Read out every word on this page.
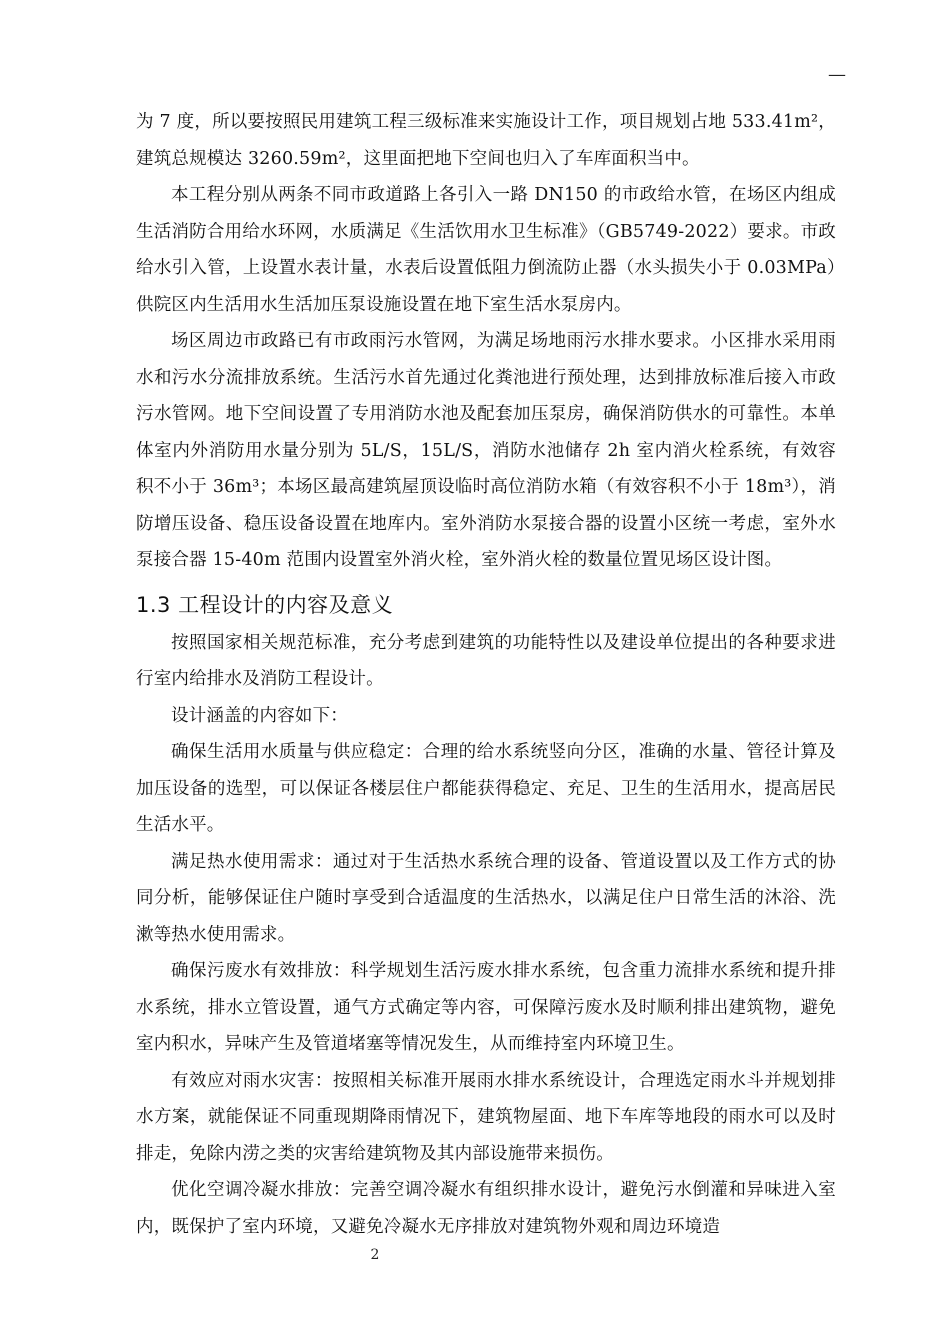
—

为 7 度，所以要按照民用建筑工程三级标准来实施设计工作，项目规划占地 533.41m²，建筑总规模达 3260.59m²，这里面把地下空间也归入了车库面积当中。

本工程分别从两条不同市政道路上各引入一路 DN150 的市政给水管，在场区内组成生活消防合用给水环网，水质满足《生活饮用水卫生标准》（GB5749-2022）要求。市政给水引入管，上设置水表计量，水表后设置低阻力倒流防止器（水头损失小于 0.03MPa）供院区内生活用水生活加压泵设施设置在地下室生活水泵房内。

场区周边市政路已有市政雨污水管网，为满足场地雨污水排水要求。小区排水采用雨水和污水分流排放系统。生活污水首先通过化粪池进行预处理，达到排放标准后接入市政污水管网。地下空间设置了专用消防水池及配套加压泵房，确保消防供水的可靠性。本单体室内外消防用水量分别为 5L/S，15L/S，消防水池储存 2h 室内消火栓系统，有效容积不小于 36m³；本场区最高建筑屋顶设临时高位消防水箱（有效容积不小于 18m³），消防增压设备、稳压设备设置在地库内。室外消防水泵接合器的设置小区统一考虑，室外水泵接合器 15-40m 范围内设置室外消火栓，室外消火栓的数量位置见场区设计图。

1.3 工程设计的内容及意义

按照国家相关规范标准，充分考虑到建筑的功能特性以及建设单位提出的各种要求进行室内给排水及消防工程设计。

设计涵盖的内容如下：

确保生活用水质量与供应稳定：合理的给水系统竖向分区，准确的水量、管径计算及加压设备的选型，可以保证各楼层住户都能获得稳定、充足、卫生的生活用水，提高居民生活水平。

满足热水使用需求：通过对于生活热水系统合理的设备、管道设置以及工作方式的协同分析，能够保证住户随时享受到合适温度的生活热水，以满足住户日常生活的沐浴、洗漱等热水使用需求。

确保污废水有效排放：科学规划生活污废水排水系统，包含重力流排水系统和提升排水系统，排水立管设置，通气方式确定等内容，可保障污废水及时顺利排出建筑物，避免室内积水，异味产生及管道堵塞等情况发生，从而维持室内环境卫生。

有效应对雨水灾害：按照相关标准开展雨水排水系统设计，合理选定雨水斗并规划排水方案，就能保证不同重现期降雨情况下，建筑物屋面、地下车库等地段的雨水可以及时排走，免除内涝之类的灾害给建筑物及其内部设施带来损伤。

优化空调冷凝水排放：完善空调冷凝水有组织排水设计，避免污水倒灌和异味进入室内，既保护了室内环境，又避免冷凝水无序排放对建筑物外观和周边环境造

2
